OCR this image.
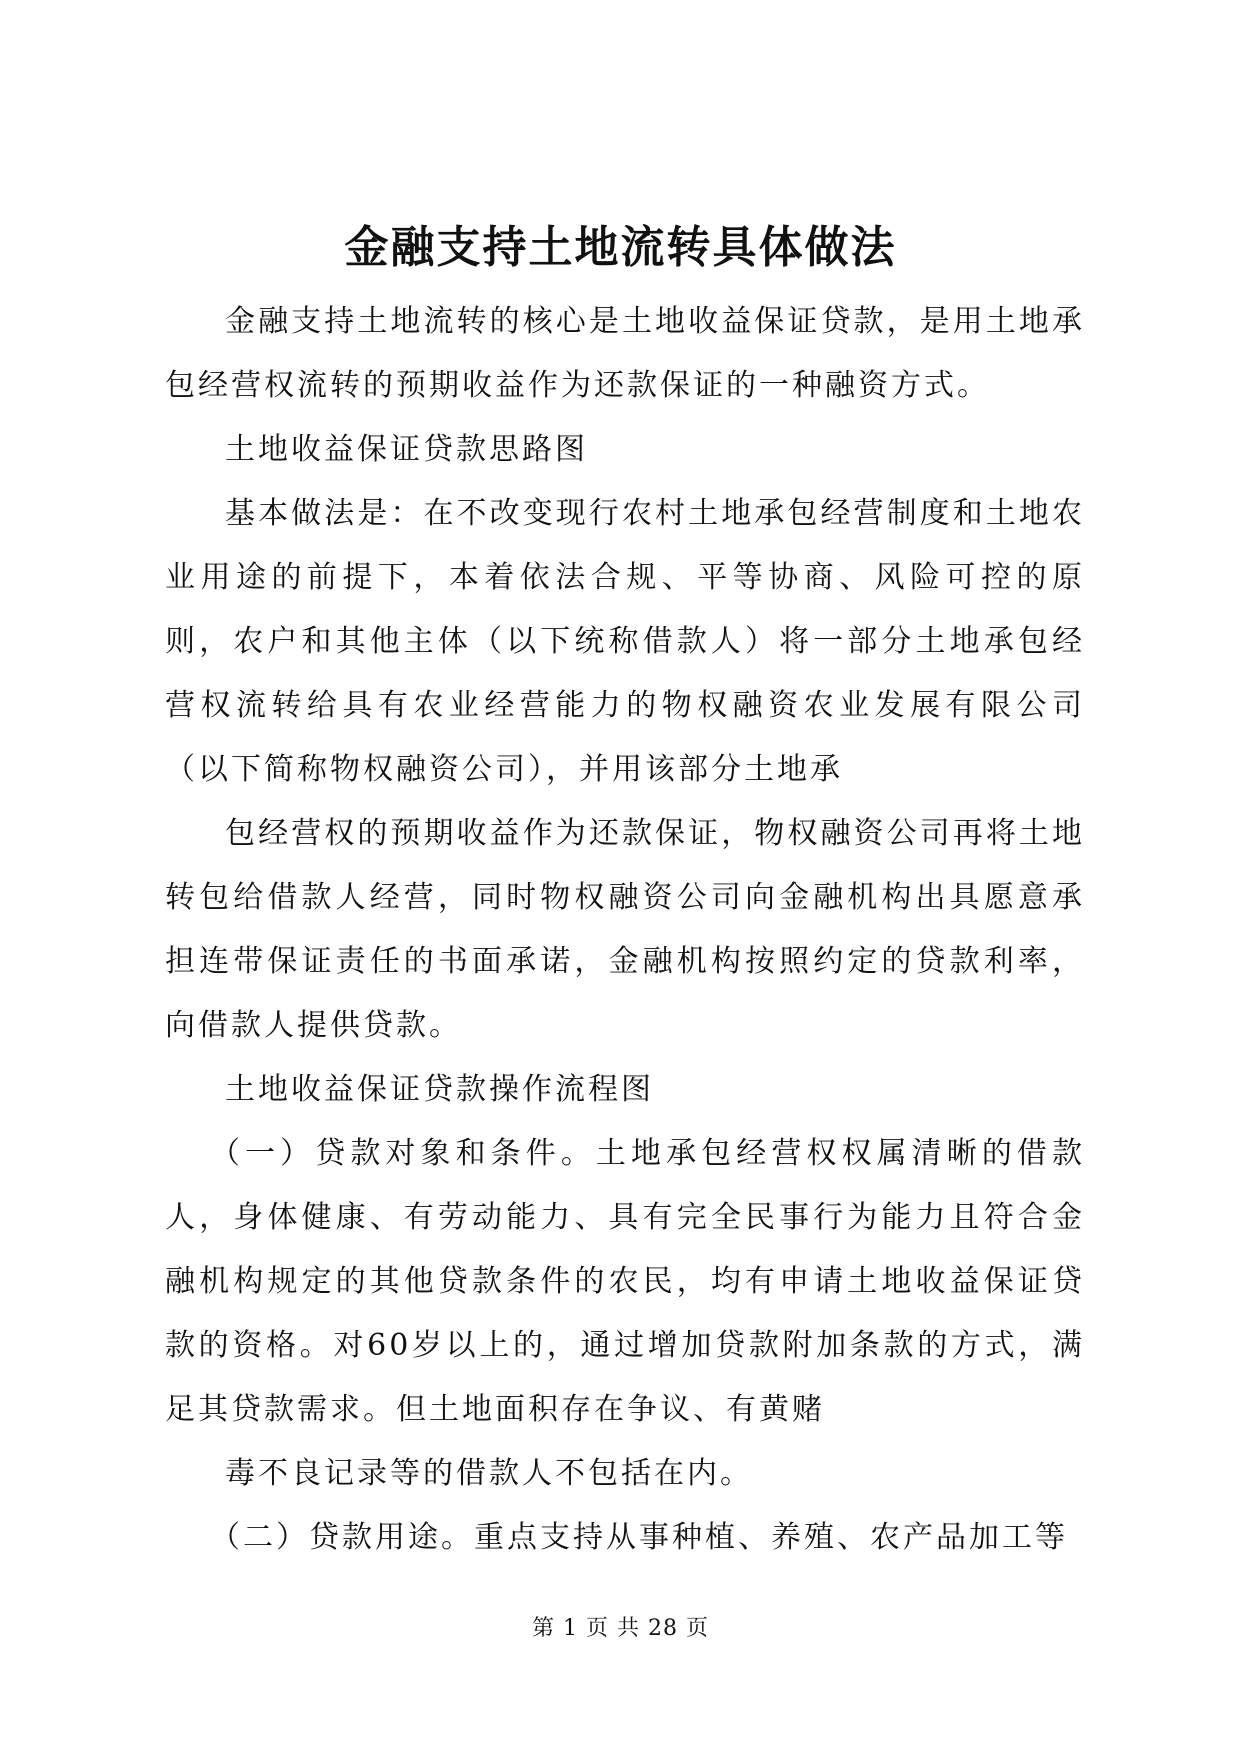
金融支持土地流转具体做法

金融支持土地流转的核心是土地收益保证贷款，是用土地承包经营权流转的预期收益作为还款保证的一种融资方式。

土地收益保证贷款思路图

基本做法是：在不改变现行农村土地承包经营制度和土地农业用途的前提下，本着依法合规、平等协商、风险可控的原则，农户和其他主体（以下统称借款人）将一部分土地承包经营权流转给具有农业经营能力的物权融资农业发展有限公司（以下简称物权融资公司），并用该部分土地承

包经营权的预期收益作为还款保证，物权融资公司再将土地转包给借款人经营，同时物权融资公司向金融机构出具愿意承担连带保证责任的书面承诺，金融机构按照约定的贷款利率，向借款人提供贷款。

土地收益保证贷款操作流程图

（一）贷款对象和条件。土地承包经营权权属清晰的借款人，身体健康、有劳动能力、具有完全民事行为能力且符合金融机构规定的其他贷款条件的农民，均有申请土地收益保证贷款的资格。对60岁以上的，通过增加贷款附加条款的方式，满足其贷款需求。但土地面积存在争议、有黄赌

毒不良记录等的借款人不包括在内。

（二）贷款用途。重点支持从事种植、养殖、农产品加工等

第 1 页 共 28 页
